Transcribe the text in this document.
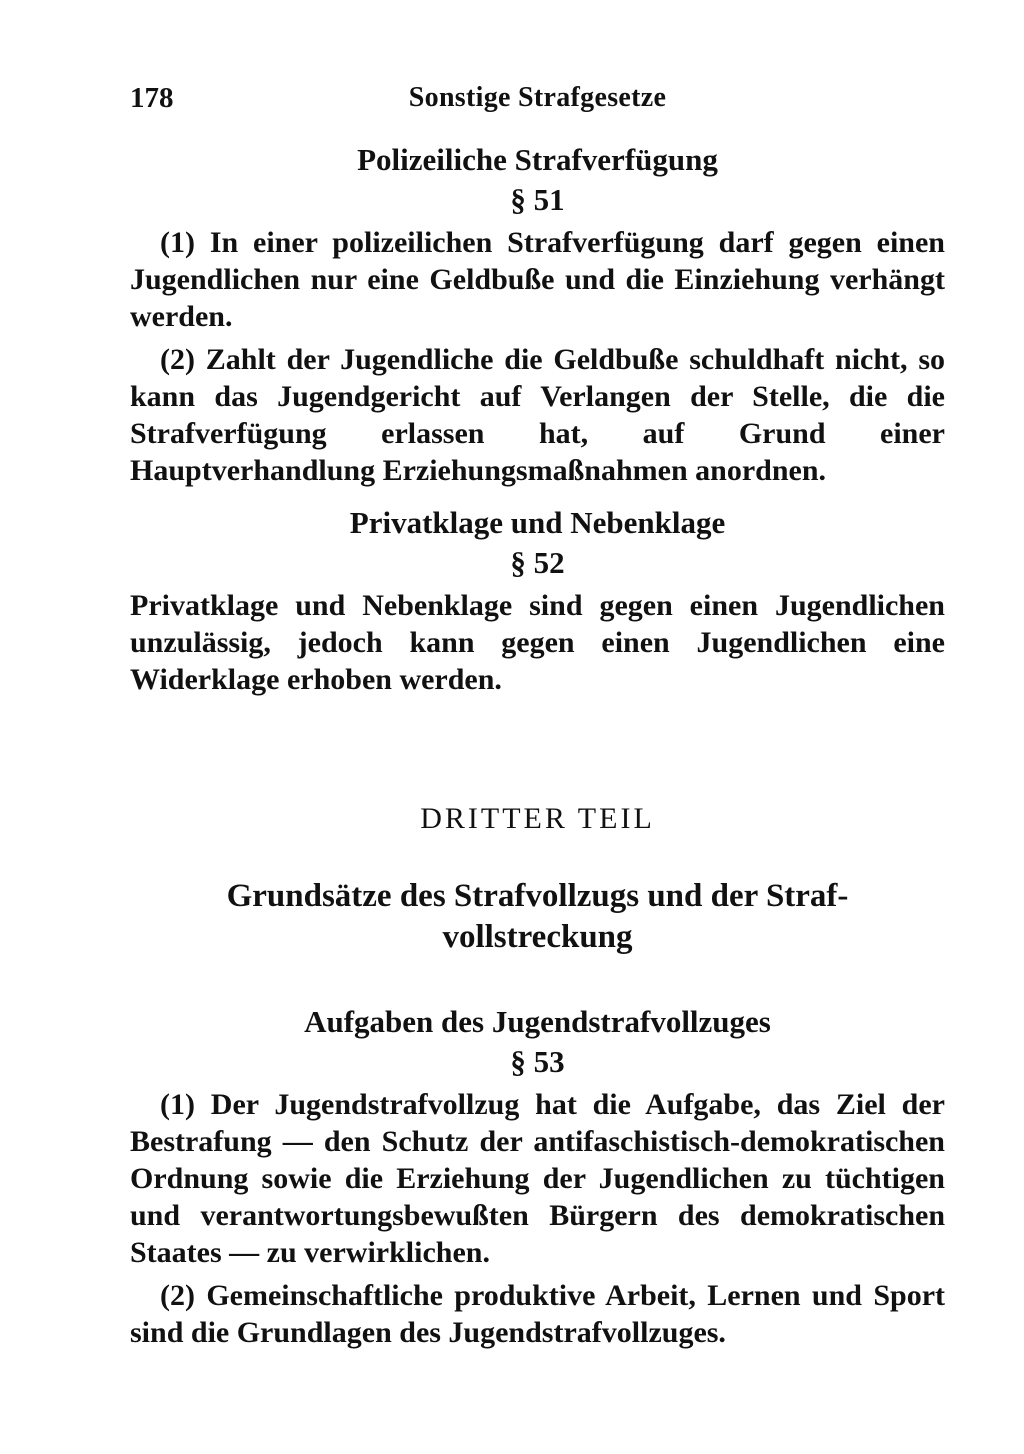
178	Sonstige Strafgesetze
Polizeiliche Strafverfügung
§ 51

(1) In einer polizeilichen Strafverfügung darf gegen einen Jugendlichen nur eine Geldbuße und die Einziehung verhängt werden.

(2) Zahlt der Jugendliche die Geldbuße schuldhaft nicht, so kann das Jugendgericht auf Verlangen der Stelle, die die Strafverfügung erlassen hat, auf Grund einer Hauptverhandlung Erziehungsmaßnahmen anordnen.

Privatklage und Nebenklage
§ 52

Privatklage und Nebenklage sind gegen einen Jugendlichen unzulässig, jedoch kann gegen einen Jugendlichen eine Widerklage erhoben werden.

DRITTER TEIL
Grundsätze des Strafvollzugs und der Straf-
vollstreckung
Aufgaben des Jugendstrafvollzuges
§ 53

(1) Der Jugendstrafvollzug hat die Aufgabe, das Ziel der Bestrafung — den Schutz der antifaschistisch-demokratischen Ordnung sowie die Erziehung der Jugendlichen zu tüchtigen und verantwortungsbewußten Bürgern des demokratischen Staates — zu verwirklichen.

(2) Gemeinschaftliche produktive Arbeit, Lernen und Sport sind die Grundlagen des Jugendstrafvollzuges.
